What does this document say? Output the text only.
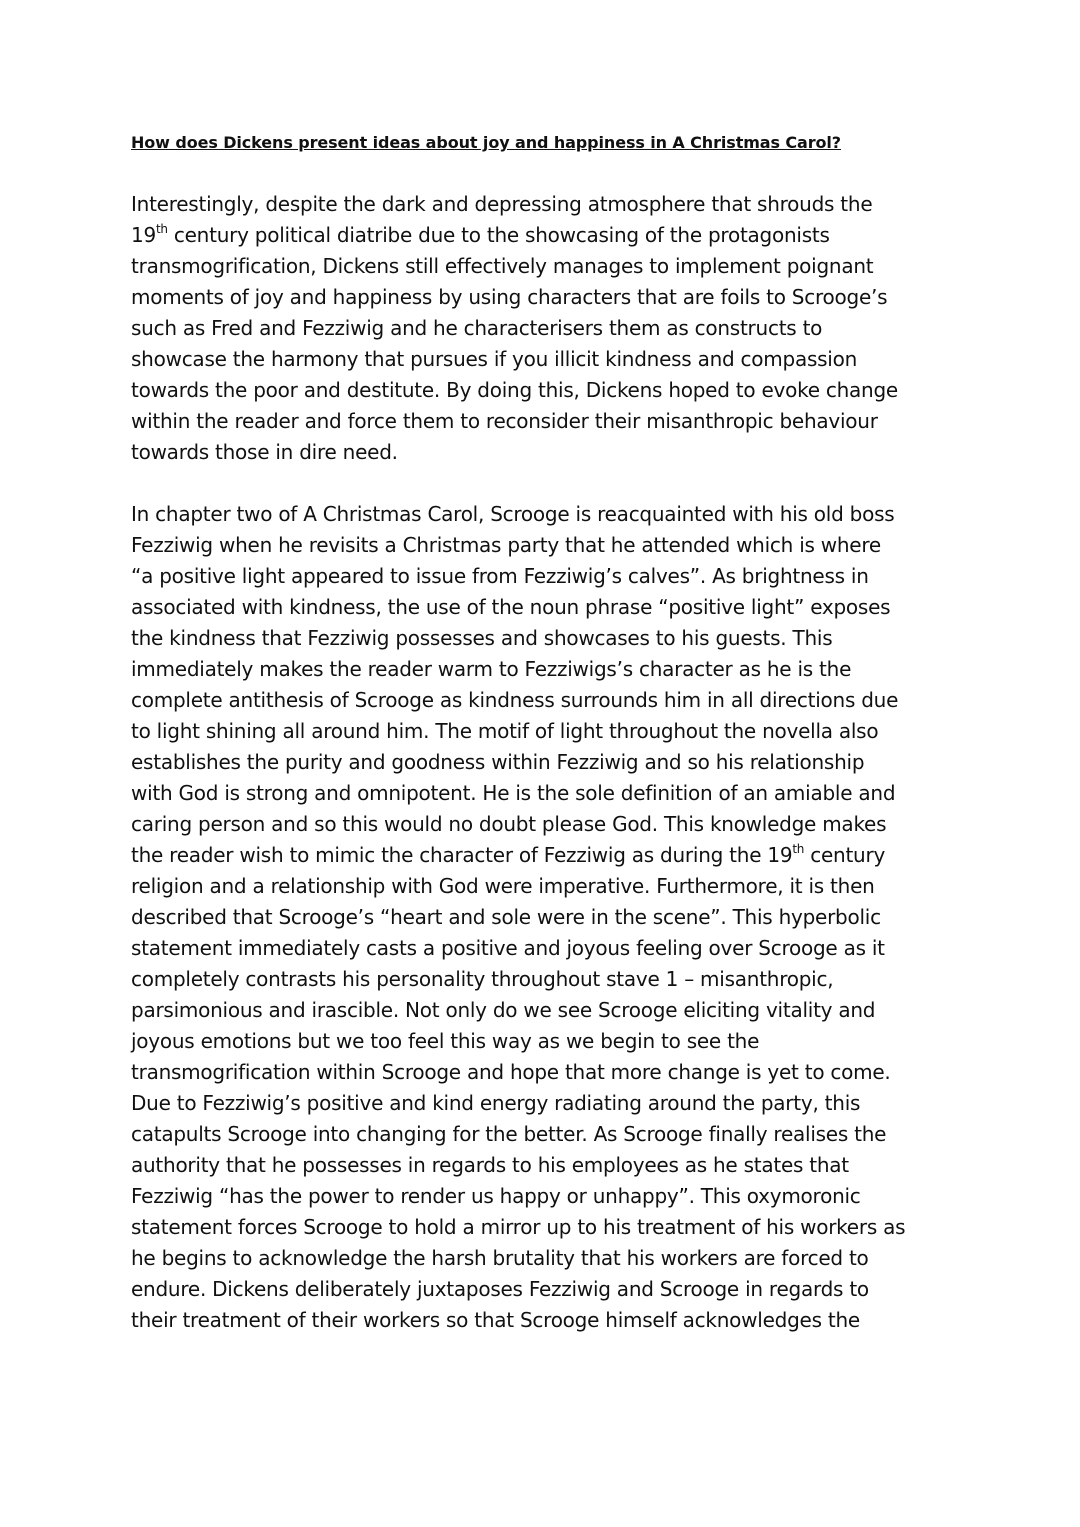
How does Dickens present ideas about joy and happiness in A Christmas Carol?
Interestingly, despite the dark and depressing atmosphere that shrouds the
19th century political diatribe due to the showcasing of the protagonists
transmogrification, Dickens still effectively manages to implement poignant
moments of joy and happiness by using characters that are foils to Scrooge’s
such as Fred and Fezziwig and he characterisers them as constructs to
showcase the harmony that pursues if you illicit kindness and compassion
towards the poor and destitute. By doing this, Dickens hoped to evoke change
within the reader and force them to reconsider their misanthropic behaviour
towards those in dire need.
In chapter two of A Christmas Carol, Scrooge is reacquainted with his old boss
Fezziwig when he revisits a Christmas party that he attended which is where
“a positive light appeared to issue from Fezziwig’s calves”. As brightness in
associated with kindness, the use of the noun phrase “positive light” exposes
the kindness that Fezziwig possesses and showcases to his guests. This
immediately makes the reader warm to Fezziwigs’s character as he is the
complete antithesis of Scrooge as kindness surrounds him in all directions due
to light shining all around him. The motif of light throughout the novella also
establishes the purity and goodness within Fezziwig and so his relationship
with God is strong and omnipotent. He is the sole definition of an amiable and
caring person and so this would no doubt please God. This knowledge makes
the reader wish to mimic the character of Fezziwig as during the 19th century
religion and a relationship with God were imperative. Furthermore, it is then
described that Scrooge’s “heart and sole were in the scene”. This hyperbolic
statement immediately casts a positive and joyous feeling over Scrooge as it
completely contrasts his personality throughout stave 1 – misanthropic,
parsimonious and irascible. Not only do we see Scrooge eliciting vitality and
joyous emotions but we too feel this way as we begin to see the
transmogrification within Scrooge and hope that more change is yet to come.
Due to Fezziwig’s positive and kind energy radiating around the party, this
catapults Scrooge into changing for the better. As Scrooge finally realises the
authority that he possesses in regards to his employees as he states that
Fezziwig “has the power to render us happy or unhappy”. This oxymoronic
statement forces Scrooge to hold a mirror up to his treatment of his workers as
he begins to acknowledge the harsh brutality that his workers are forced to
endure. Dickens deliberately juxtaposes Fezziwig and Scrooge in regards to
their treatment of their workers so that Scrooge himself acknowledges the
